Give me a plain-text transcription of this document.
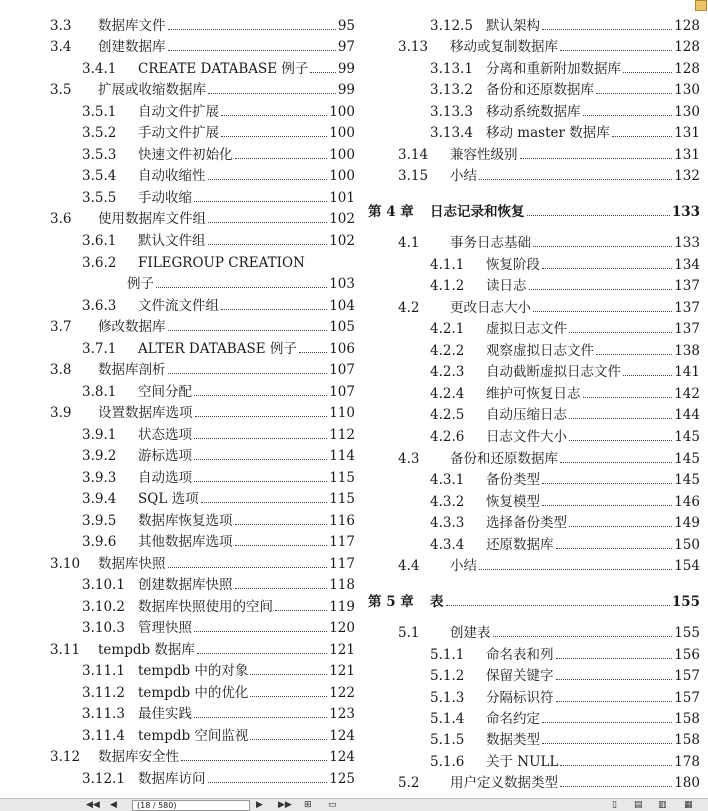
3.3	数据库文件	95
3.4	创建数据库	97
3.4.1	CREATE DATABASE 例子 99
3.5	扩展或收缩数据库	99
3.5.1	自动文件扩展	100
3.5.2	手动文件扩展	100
3.5.3	快速文件初始化	100
3.5.4	自动收缩性	100
3.5.5	手动收缩	101
3.6	使用数据库文件组	102
3.6.1	默认文件组	102
3.6.2	FILEGROUP CREATION
例子	103
3.6.3	文件流文件组	104
3.7	修改数据库	105
3.7.1	ALTER DATABASE 例子 106
3.8	数据库剖析	107
3.8.1	空间分配	107
3.9	设置数据库选项	110
3.9.1	状态选项	112
3.9.2	游标选项	114
3.9.3	自动选项	115
3.9.4	SQL 选项	115
3.9.5	数据库恢复选项	116
3.9.6	其他数据库选项	117
3.10	数据库快照	117
3.10.1 创建数据库快照	118
3.10.2 数据库快照使用的空间	119
3.10.3 管理快照	120
3.11	tempdb 数据库	121
3.11.1 tempdb 中的对象	121
3.11.2 tempdb 中的优化	122
3.11.3 最佳实践	123
3.11.4 tempdb 空间监视	124
3.12	数据库安全性	124
3.12.1 数据库访问	125
3.12.5 默认架构	128
3.13	移动或复制数据库	128
3.13.1 分离和重新附加数据库	128
3.13.2 备份和还原数据库	130
3.13.3 移动系统数据库	130
3.13.4 移动 master 数据库	131
3.14	兼容性级别	131
3.15	小结	132
第 4 章	日志记录和恢复	133
4.1	事务日志基础	133
4.1.1	恢复阶段	134
4.1.2	读日志	137
4.2	更改日志大小	137
4.2.1	虚拟日志文件	137
4.2.2	观察虚拟日志文件	138
4.2.3	自动截断虚拟日志文件	141
4.2.4	维护可恢复日志	142
4.2.5	自动压缩日志	144
4.2.6	日志文件大小	145
4.3	备份和还原数据库	145
4.3.1	备份类型	145
4.3.2	恢复模型	146
4.3.3	选择备份类型	149
4.3.4	还原数据库	150
4.4	小结	154
第 5 章	表	155
5.1	创建表	155
5.1.1	命名表和列	156
5.1.2	保留关键字	157
5.1.3	分隔标识符	157
5.1.4	命名约定	158
5.1.5	数据类型	158
5.1.6	关于 NULL	178
5.2	用户定义数据类型	180
◀◀ ◀	(18 / 580)	▶ ▶▶ ⊞ ▭	▯ ▤ ▥ ▦
